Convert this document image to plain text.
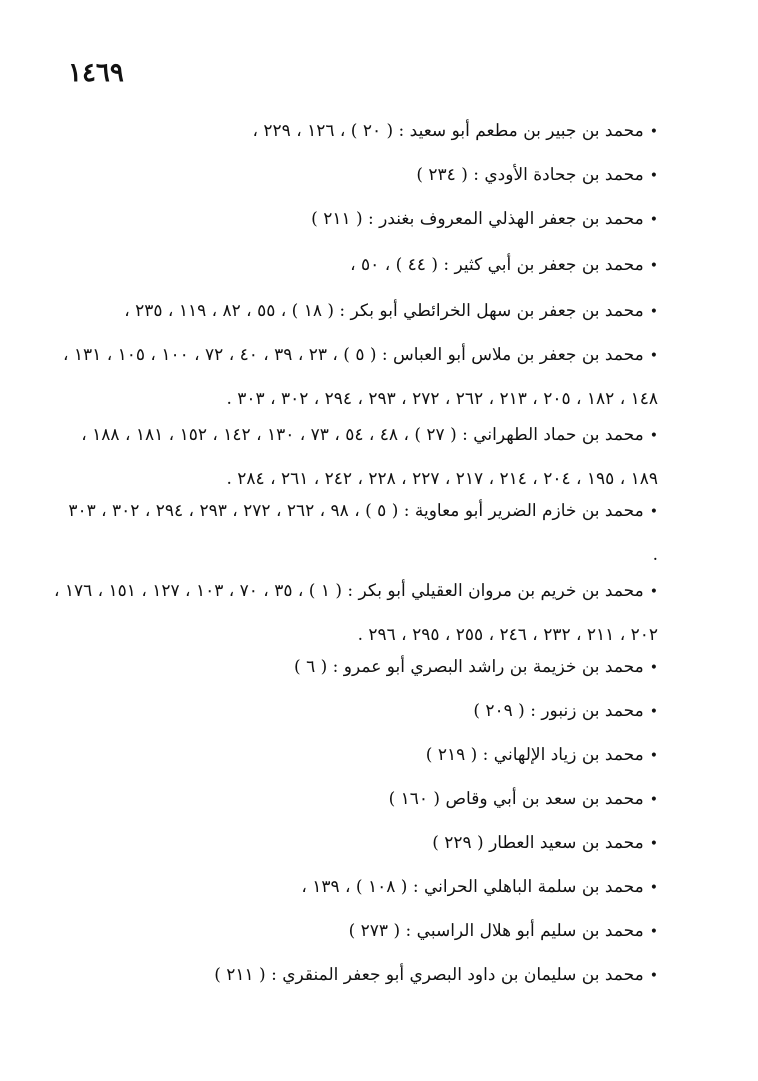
١٤٦٩
•محمد بن جبير بن مطعم أبو سعيد : ( ٢٠ ) ، ١٢٦ ، ٢٢٩ ،
•محمد بن جحادة الأودي : ( ٢٣٤ )
•محمد بن جعفر الهذلي المعروف بغندر : ( ٢١١ )
•محمد بن جعفر بن أبي كثير : ( ٤٤ ) ، ٥٠ ،
•محمد بن جعفر بن سهل الخرائطي أبو بكر : ( ١٨ ) ، ٥٥ ، ٨٢ ، ١١٩ ، ٢٣٥ ،
•محمد بن جعفر بن ملاس أبو العباس : ( ٥ ) ، ٢٣ ، ٣٩ ، ٤٠ ، ٧٢ ، ١٠٠ ، ١٠٥ ، ١٣١ ،
١٤٨ ، ١٨٢ ، ٢٠٥ ، ٢١٣ ، ٢٦٢ ، ٢٧٢ ، ٢٩٣ ، ٢٩٤ ، ٣٠٢ ، ٣٠٣ .
•محمد بن حماد الطهراني : ( ٢٧ ) ، ٤٨ ، ٥٤ ، ٧٣ ، ١٣٠ ، ١٤٢ ، ١٥٢ ، ١٨١ ، ١٨٨ ،
١٨٩ ، ١٩٥ ، ٢٠٤ ، ٢١٤ ، ٢١٧ ، ٢٢٧ ، ٢٢٨ ، ٢٤٢ ، ٢٦١ ، ٢٨٤ .
•محمد بن خازم الضرير أبو معاوية : ( ٥ ) ، ٩٨ ، ٢٦٢ ، ٢٧٢ ، ٢٩٣ ، ٢٩٤ ، ٣٠٢ ، ٣٠٣
.
•محمد بن خريم بن مروان العقيلي أبو بكر : ( ١ ) ، ٣٥ ، ٧٠ ، ١٠٣ ، ١٢٧ ، ١٥١ ، ١٧٦ ،
٢٠٢ ، ٢١١ ، ٢٣٢ ، ٢٤٦ ، ٢٥٥ ، ٢٩٥ ، ٢٩٦ .
•محمد بن خزيمة بن راشد البصري أبو عمرو : ( ٦ )
•محمد بن زنبور : ( ٢٠٩ )
•محمد بن زياد الإلهاني : ( ٢١٩ )
•محمد بن سعد بن أبي وقاص ( ١٦٠ )
•محمد بن سعيد العطار ( ٢٢٩ )
•محمد بن سلمة الباهلي الحراني : ( ١٠٨ ) ، ١٣٩ ،
•محمد بن سليم أبو هلال الراسبي : ( ٢٧٣ )
•محمد بن سليمان بن داود البصري أبو جعفر المنقري : ( ٢١١ )
